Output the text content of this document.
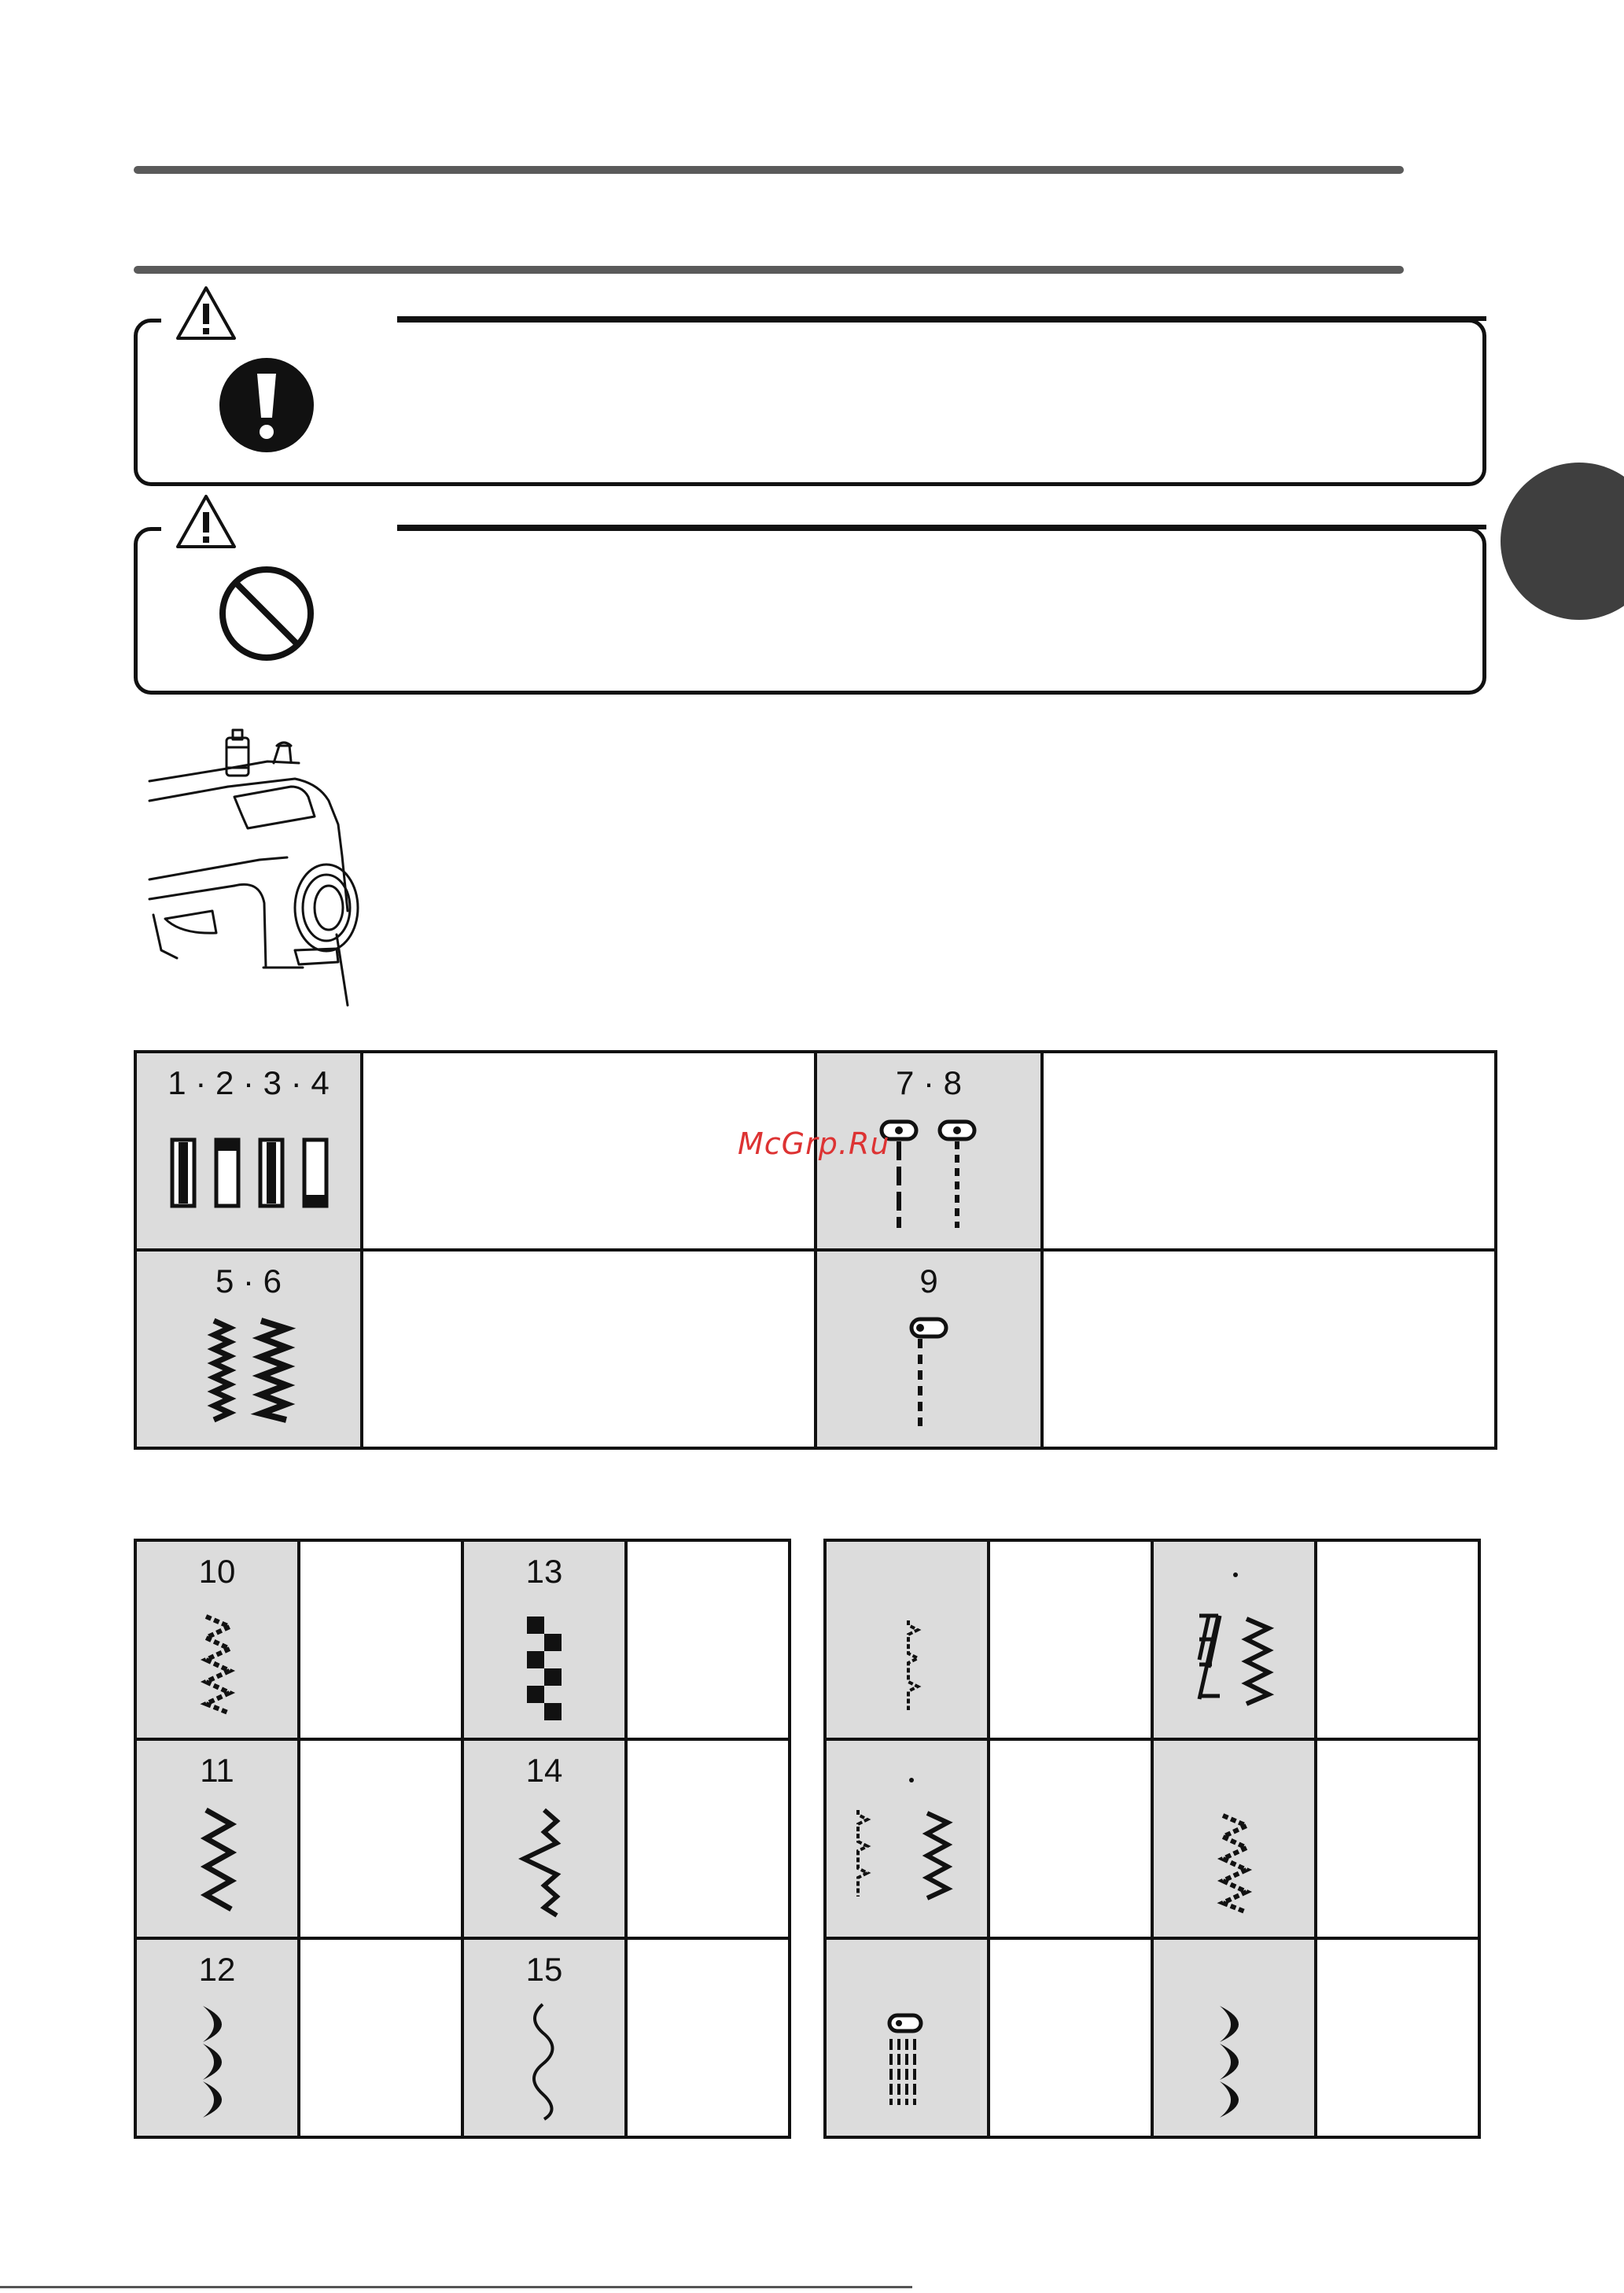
1 · 2 · 3 · 4		7 · 8	

5 · 6		9	

McGrp.Ru
10		13	

11		14	

12		15	
